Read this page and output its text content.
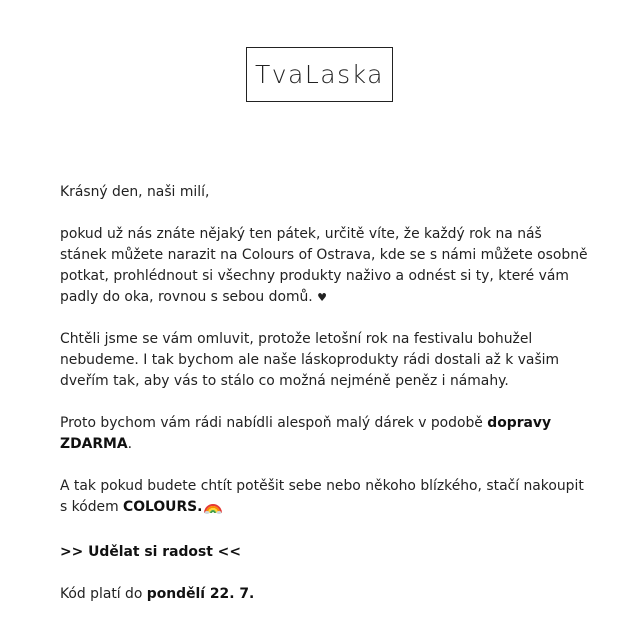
TvaLaska

Krásný den, naši milí,

pokud už nás znáte nějaký ten pátek, určitě víte, že každý rok na náš stánek můžete narazit na Colours of Ostrava, kde se s námi můžete osobně potkat, prohlédnout si všechny produkty naživo a odnést si ty, které vám padly do oka, rovnou s sebou domů. ♥

Chtěli jsme se vám omluvit, protože letošní rok na festivalu bohužel nebudeme. I tak bychom ale naše láskoprodukty rádi dostali až k vašim dveřím tak, aby vás to stálo co možná nejméně peněz i námahy.

Proto bychom vám rádi nabídli alespoň malý dárek v podobě dopravy ZDARMA.

A tak pokud budete chtít potěšit sebe nebo někoho blízkého, stačí nakoupit s kódem COLOURS.

>> Udělat si radost <<

Kód platí do pondělí 22. 7.
